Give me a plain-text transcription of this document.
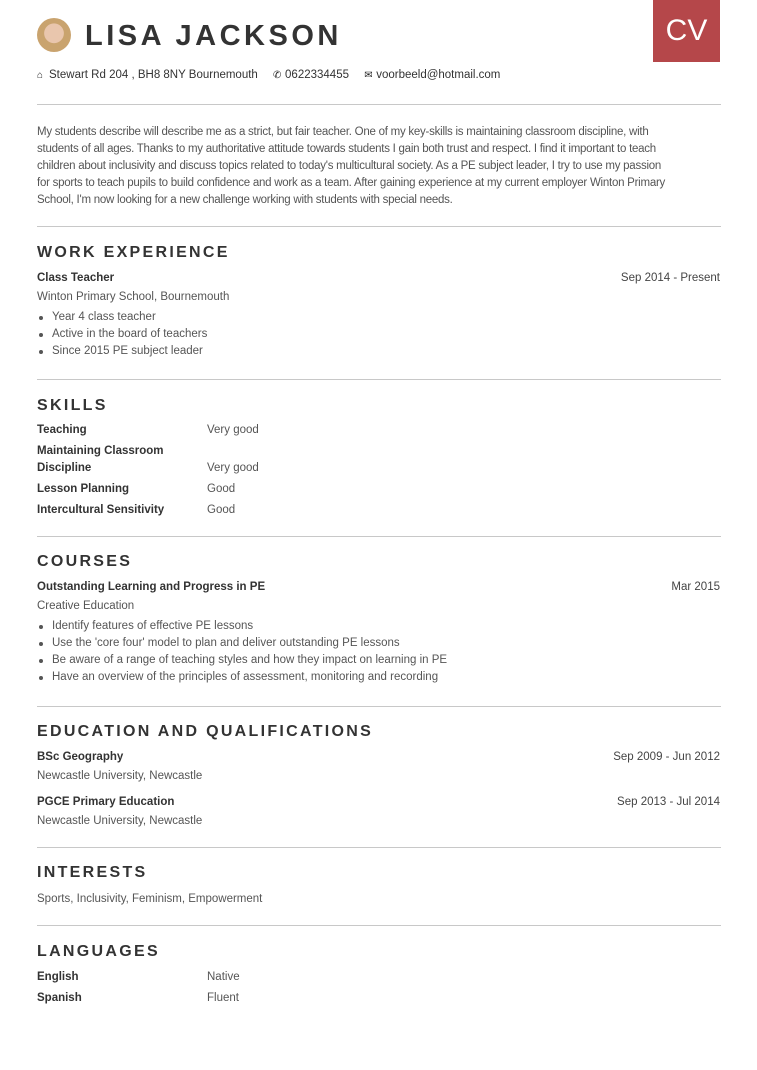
LISA JACKSON	CV
⌂ Stewart Rd 204 , BH8 8NY Bournemouth ✆ 0622334455 ✉ voorbeeld@hotmail.com
My students describe will describe me as a strict, but fair teacher. One of my key-skills is maintaining classroom discipline, with
students of all ages. Thanks to my authoritative attitude towards students I gain both trust and respect. I find it important to teach
children about inclusivity and discuss topics related to today's multicultural society. As a PE subject leader, I try to use my passion
for sports to teach pupils to build confidence and work as a team. After gaining experience at my current employer Winton Primary
School, I'm now looking for a new challenge working with students with special needs.
WORK EXPERIENCE
Class Teacher	Sep 2014 - Present
Winton Primary School, Bournemouth
Year 4 class teacher
Active in the board of teachers
Since 2015 PE subject leader
SKILLS
Teaching	Very good
Maintaining Classroom Discipline	Very good
Lesson Planning	Good
Intercultural Sensitivity	Good
COURSES
Outstanding Learning and Progress in PE	Mar 2015
Creative Education
Identify features of effective PE lessons
Use the 'core four' model to plan and deliver outstanding PE lessons
Be aware of a range of teaching styles and how they impact on learning in PE
Have an overview of the principles of assessment, monitoring and recording
EDUCATION AND QUALIFICATIONS
BSc Geography	Sep 2009 - Jun 2012
Newcastle University, Newcastle
PGCE Primary Education	Sep 2013 - Jul 2014
Newcastle University, Newcastle
INTERESTS
Sports, Inclusivity, Feminism, Empowerment
LANGUAGES
English	Native
Spanish	Fluent
